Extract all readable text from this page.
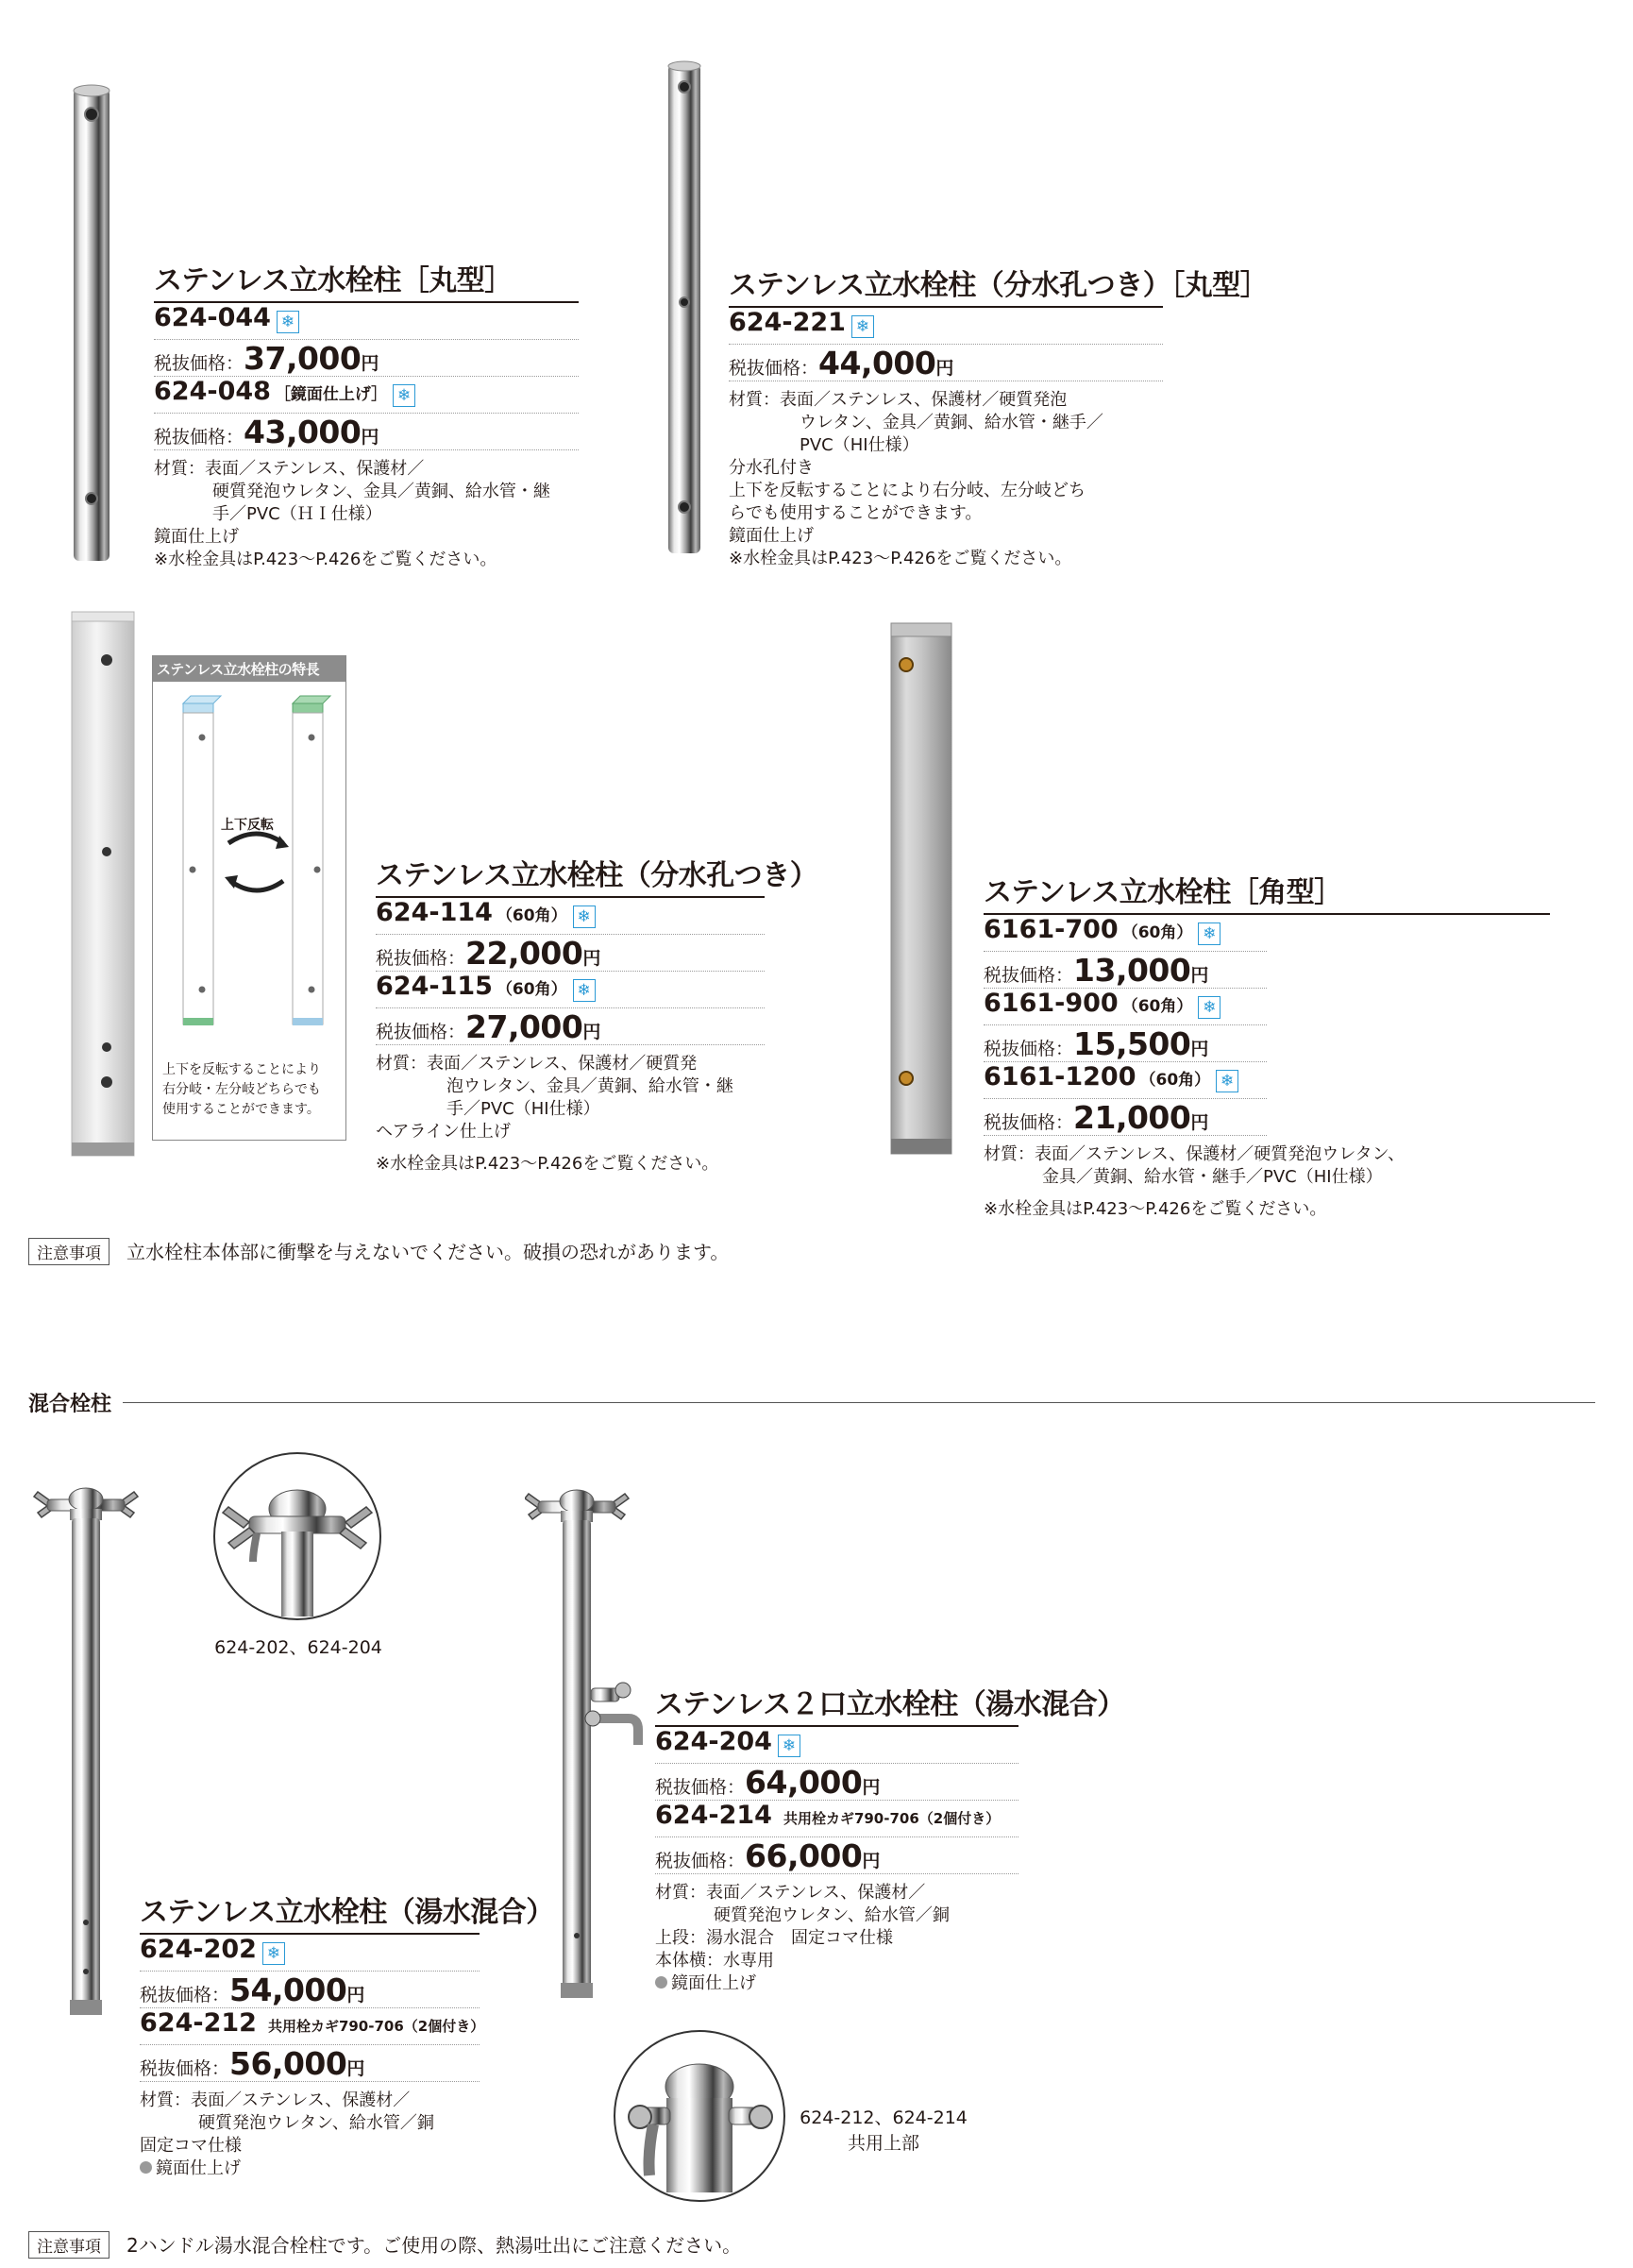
ステンレス立水栓柱［丸型］
624-044 ❄
税抜価格： 37,000 円
624-048 ［鏡面仕上げ］ ❄
税抜価格： 43,000 円
材質：表面／ステンレス、保護材／
硬質発泡ウレタン、金具／黄銅、給水管・継
手／PVC（ＨＩ仕様）
鏡面仕上げ
※水栓金具はP.423〜P.426をご覧ください。
ステンレス立水栓柱（分水孔つき）［丸型］
624-221 ❄
税抜価格： 44,000 円
材質：表面／ステンレス、保護材／硬質発泡
ウレタン、金具／黄銅、給水管・継手／
PVC（HI仕様）
分水孔付き
上下を反転することにより右分岐、左分岐どち
らでも使用することができます。
鏡面仕上げ
※水栓金具はP.423〜P.426をご覧ください。
ステンレス立水栓柱の特長
上下反転
上下を反転することにより
右分岐・左分岐どちらでも
使用することができます。
ステンレス立水栓柱（分水孔つき）
624-114 （60角） ❄
税抜価格： 22,000 円
624-115 （60角） ❄
税抜価格： 27,000 円
材質：表面／ステンレス、保護材／硬質発
泡ウレタン、金具／黄銅、給水管・継
手／PVC（HI仕様）
ヘアライン仕上げ
※水栓金具はP.423〜P.426をご覧ください。
ステンレス立水栓柱［角型］
6161-700 （60角） ❄
税抜価格： 13,000 円
6161-900 （60角） ❄
税抜価格： 15,500 円
6161-1200 （60角） ❄
税抜価格： 21,000 円
材質：表面／ステンレス、保護材／硬質発泡ウレタン、
金具／黄銅、給水管・継手／PVC（HI仕様）
※水栓金具はP.423〜P.426をご覧ください。
注意事項 立水栓柱本体部に衝撃を与えないでください。破損の恐れがあります。
混合栓柱
624-202、624-204
ステンレス立水栓柱（湯水混合）
624-202 ❄
税抜価格： 54,000 円
624-212 共用栓カギ790-706（2個付き）
税抜価格： 56,000 円
材質：表面／ステンレス、保護材／
硬質発泡ウレタン、給水管／銅
固定コマ仕様
鏡面仕上げ
ステンレス２口立水栓柱（湯水混合）
624-204 ❄
税抜価格： 64,000 円
624-214 共用栓カギ790-706（2個付き）
税抜価格： 66,000 円
材質：表面／ステンレス、保護材／
硬質発泡ウレタン、給水管／銅
上段：湯水混合　固定コマ仕様
本体横：水専用
鏡面仕上げ
624-212、624-214
共用上部
注意事項 2ハンドル湯水混合栓柱です。ご使用の際、熱湯吐出にご注意ください。
